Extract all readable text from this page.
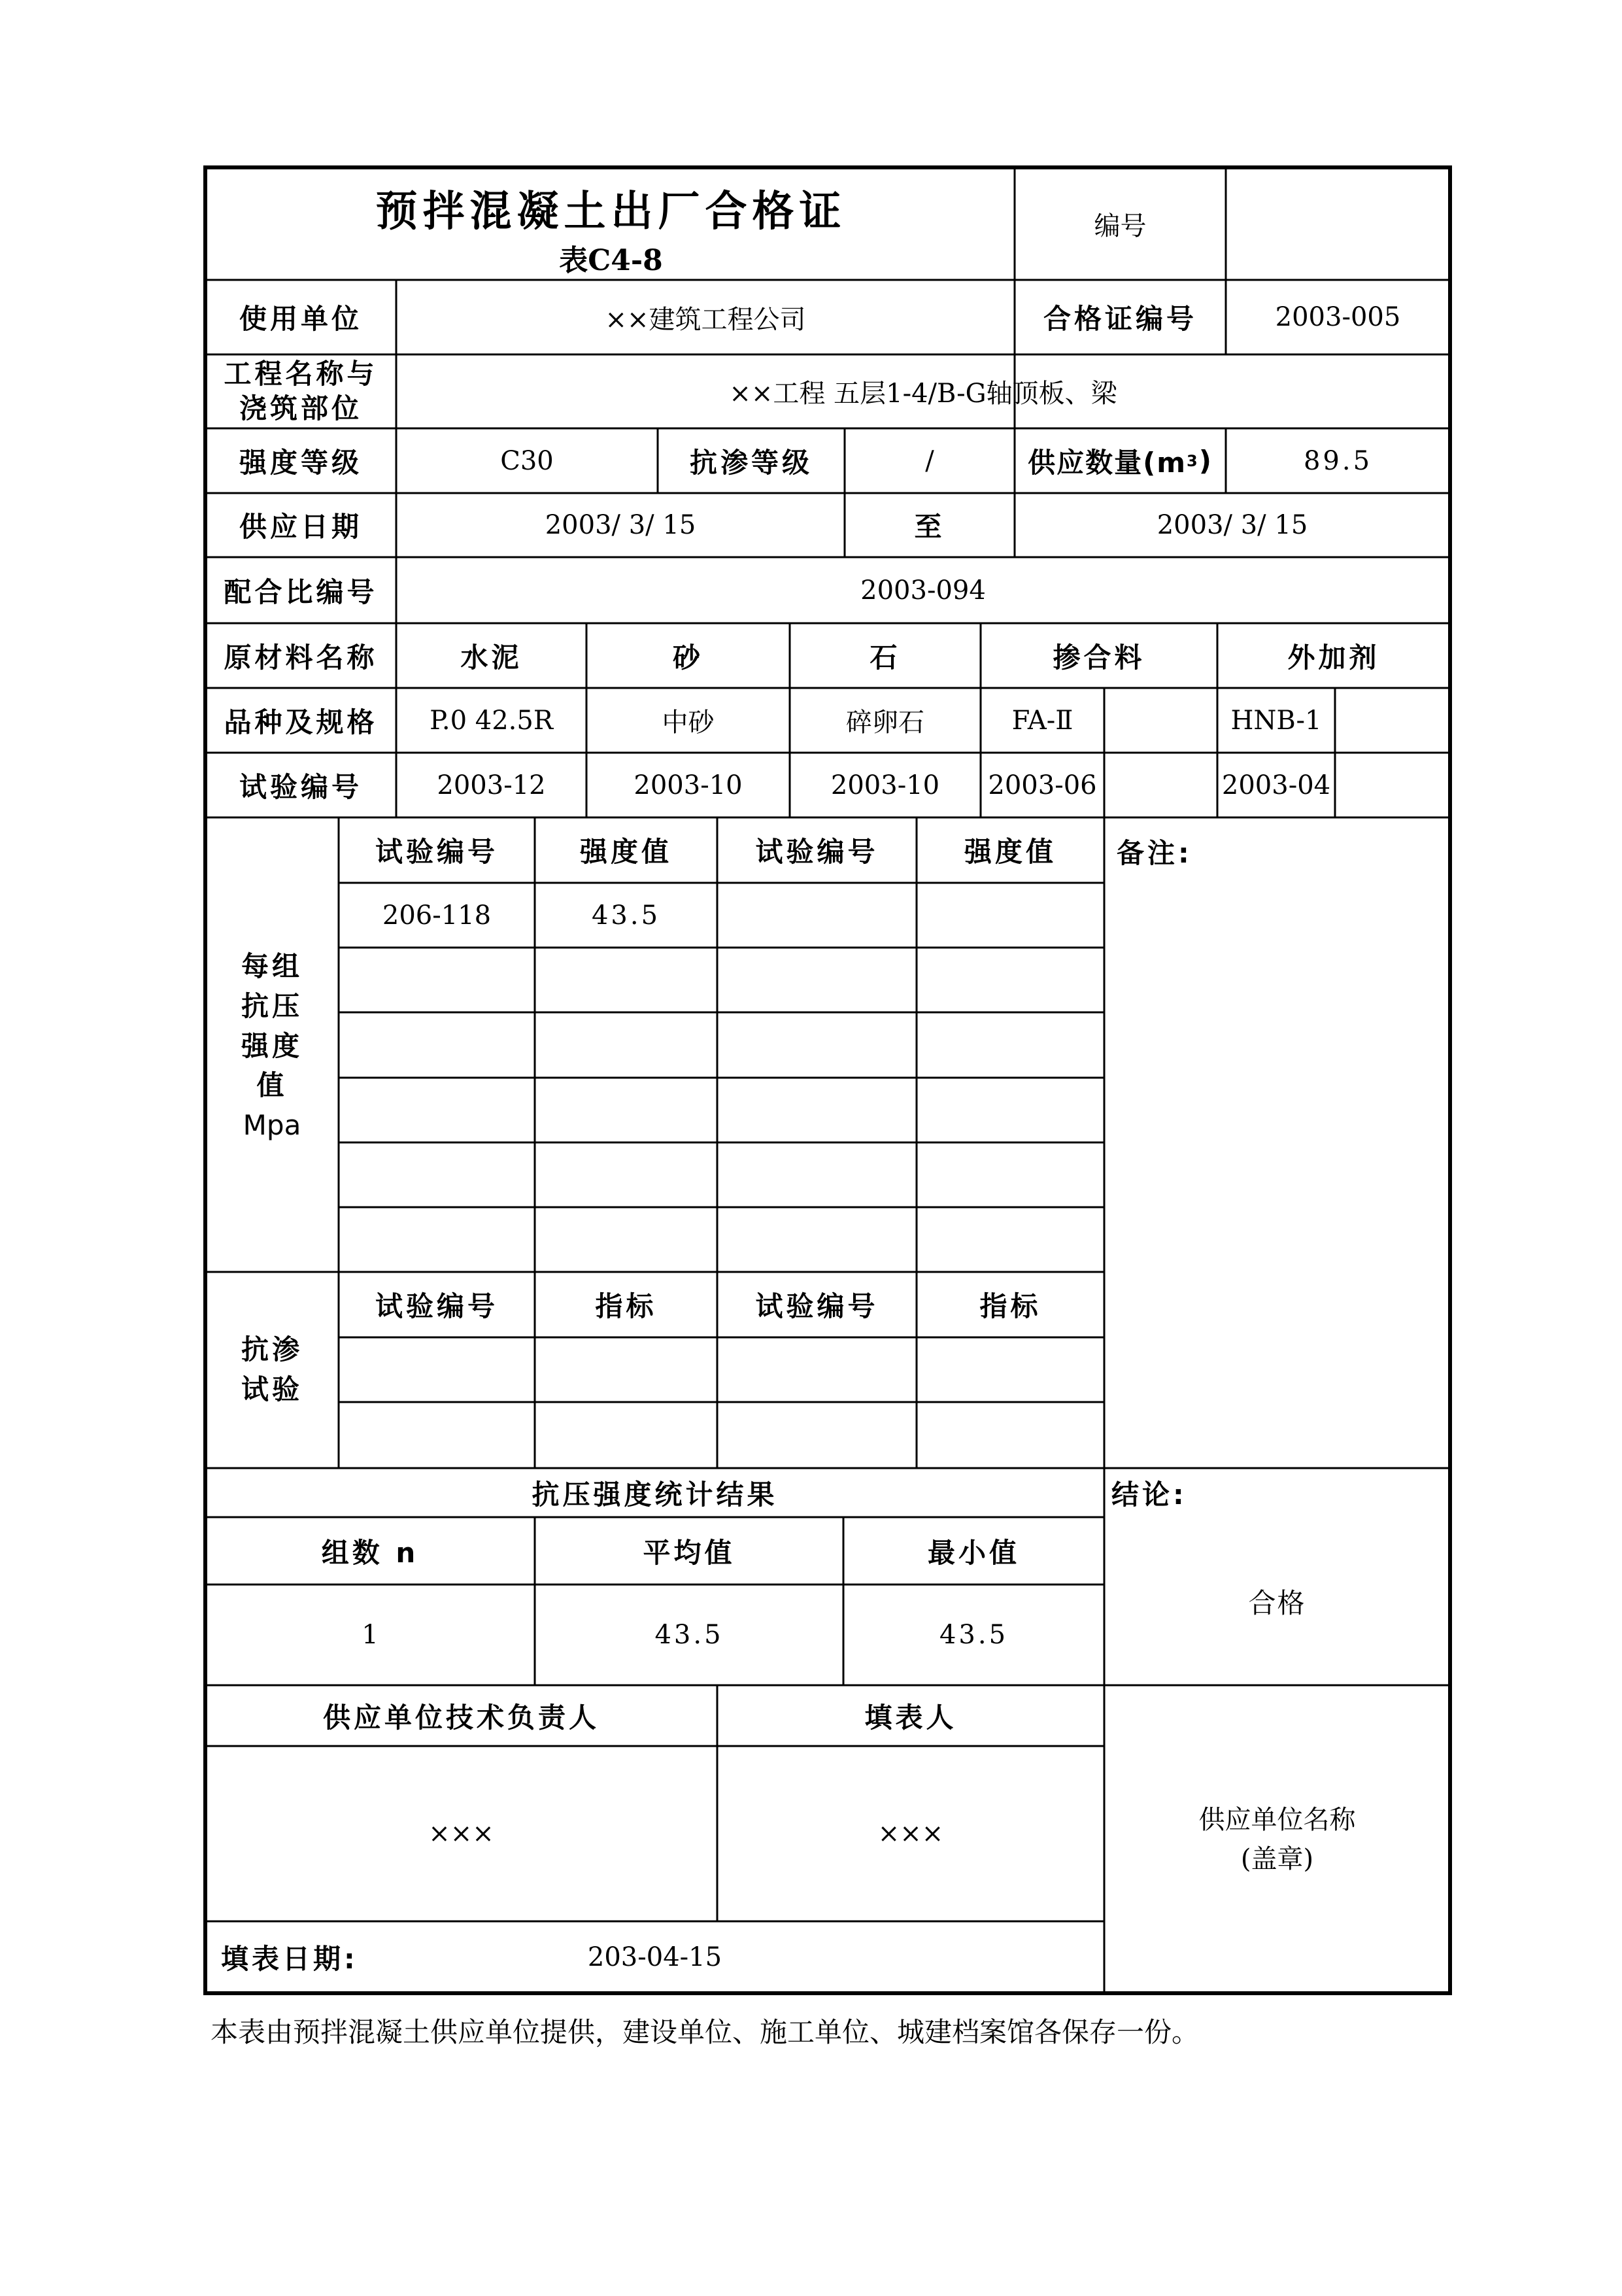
预拌混凝土出厂合格证
表C4-8
编号
使用单位	××建筑工程公司	合格证编号	2003-005
工程名称与
浇筑部位	××工程 五层1-4/B-G轴顶板、梁
强度等级	C30	抗渗等级	/	供应数量(m 3 )	89.5
供应日期	2003/ 3/ 15	至	2003/ 3/ 15
配合比编号	2003-094
原材料名称	水泥	砂	石	掺合料	外加剂
品种及规格	P.0 42.5R	中砂	碎卵石	FA-Ⅱ	HNB-1
试验编号	2003-12	2003-10	2003-10	2003-06	2003-04
每组
抗压
强度
值
Mpa
试验编号	强度值	试验编号	强度值
206-118	43.5
备注:
抗渗
试验
试验编号	指标	试验编号	指标
抗压强度统计结果	结论:
组数 n	平均值	最小值
1	43.5	43.5
合格
供应单位技术负责人	填表人
×××	×××	供应单位名称
(盖章)
填表日期:	203-04-15
本表由预拌混凝土供应单位提供，建设单位、施工单位、城建档案馆各保存一份。
